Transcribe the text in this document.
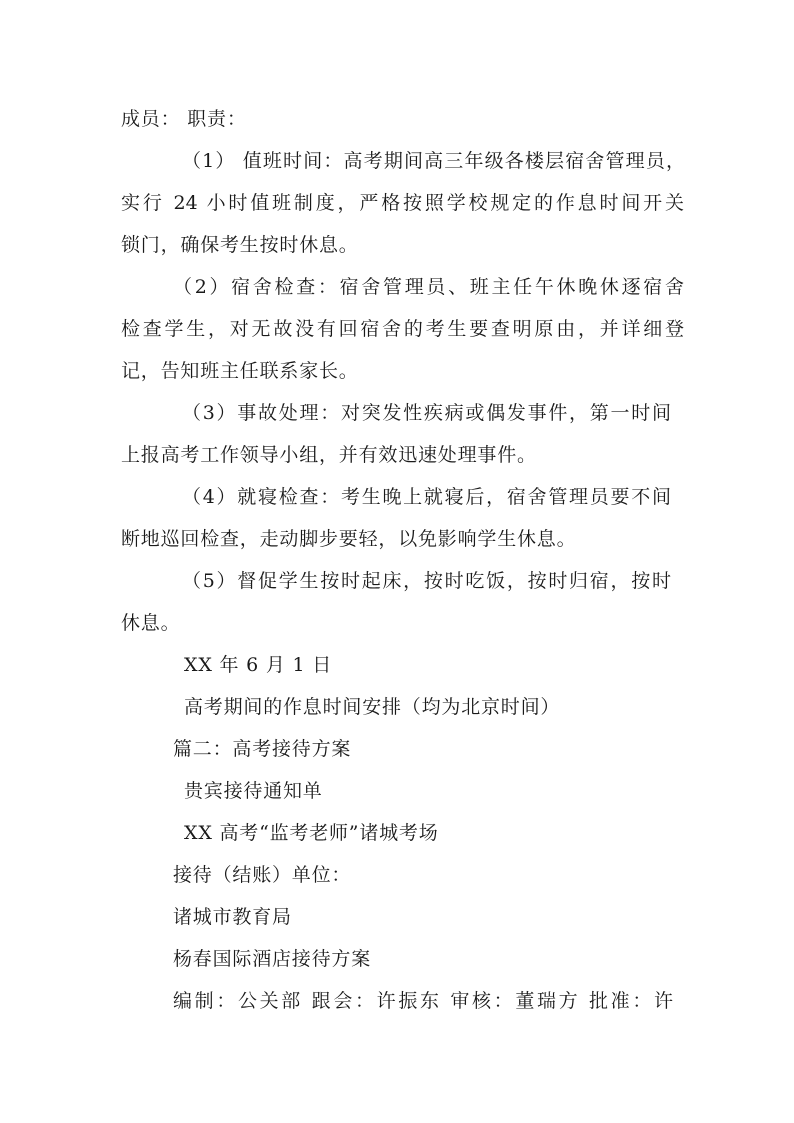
成员： 职责：
（1） 值班时间：高考期间高三年级各楼层宿舍管理员，
实行 24 小时值班制度，严格按照学校规定的作息时间开关
锁门，确保考生按时休息。
（2）宿舍检查：宿舍管理员、班主任午休晚休逐宿舍
检查学生，对无故没有回宿舍的考生要查明原由，并详细登
记，告知班主任联系家长。
（3）事故处理：对突发性疾病或偶发事件，第一时间
上报高考工作领导小组，并有效迅速处理事件。
（4）就寝检查：考生晚上就寝后，宿舍管理员要不间
断地巡回检查，走动脚步要轻，以免影响学生休息。
（5）督促学生按时起床，按时吃饭，按时归宿，按时
休息。
XX 年 6 月 1 日
高考期间的作息时间安排（均为北京时间）
篇二：高考接待方案
贵宾接待通知单
XX 高考“监考老师”诸城考场
接待（结账）单位：
诸城市教育局
杨春国际酒店接待方案
编制：公关部 跟会：许振东 审核：董瑞方 批准：许
